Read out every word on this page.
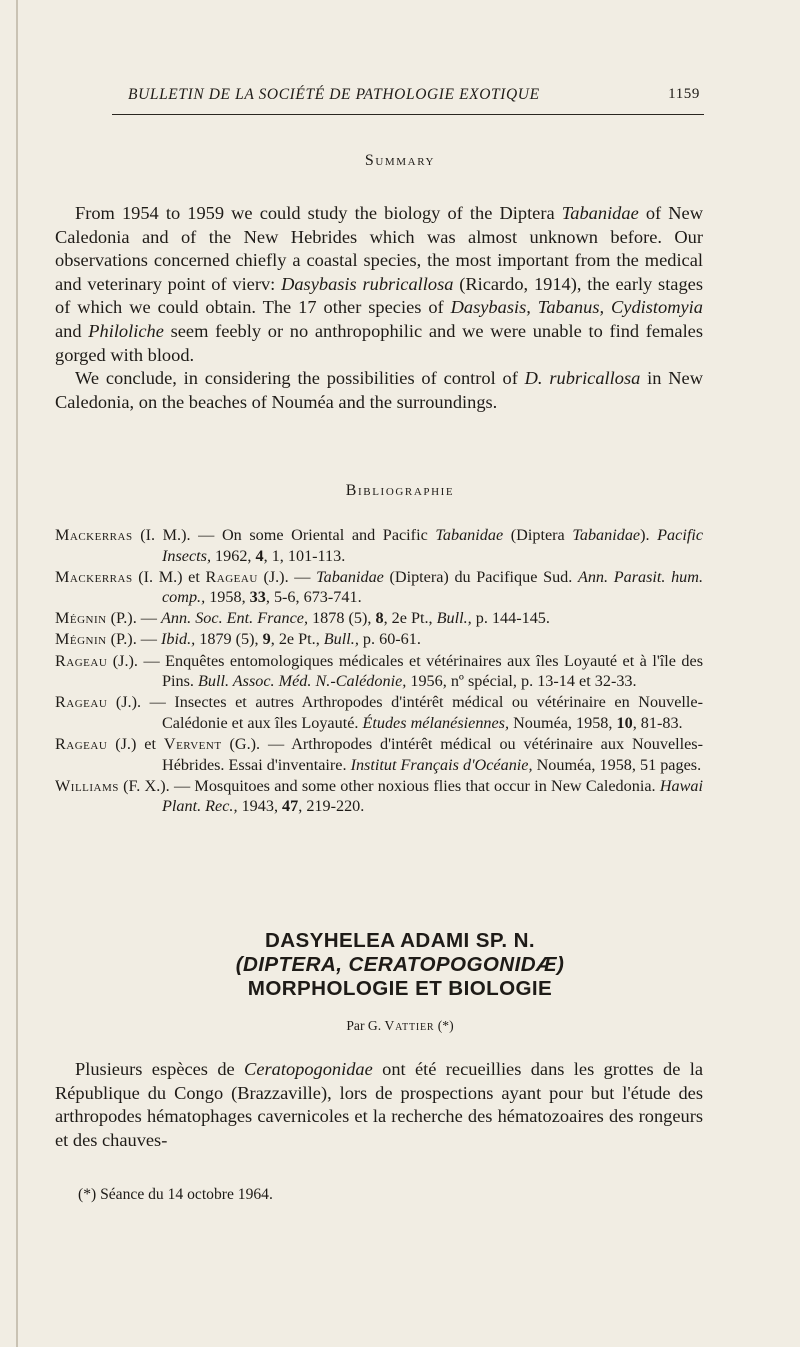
BULLETIN DE LA SOCIÉTÉ DE PATHOLOGIE EXOTIQUE	1159
Summary

From 1954 to 1959 we could study the biology of the Diptera Tabanidae of New Caledonia and of the New Hebrides which was almost unknown before. Our observations concerned chiefly a coastal species, the most important from the medical and veterinary point of vierv: Dasybasis rubricallosa (Ricardo, 1914), the early stages of which we could obtain. The 17 other species of Dasybasis, Tabanus, Cydistomyia and Philoliche seem feebly or no anthropophilic and we were unable to find females gorged with blood.

We conclude, in considering the possibilities of control of D. rubricallosa in New Caledonia, on the beaches of Nouméa and the surroundings.

Bibliographie

Mackerras (I. M.). — On some Oriental and Pacific Tabanidae (Diptera Tabanidae). Pacific Insects, 1962, 4, 1, 101-113.

Mackerras (I. M.) et Rageau (J.). — Tabanidae (Diptera) du Pacifique Sud. Ann. Parasit. hum. comp., 1958, 33, 5-6, 673-741.

Mégnin (P.). — Ann. Soc. Ent. France, 1878 (5), 8, 2e Pt., Bull., p. 144-145.

Mégnin (P.). — Ibid., 1879 (5), 9, 2e Pt., Bull., p. 60-61.

Rageau (J.). — Enquêtes entomologiques médicales et vétérinaires aux îles Loyauté et à l'île des Pins. Bull. Assoc. Méd. N.-Calédonie, 1956, nº spécial, p. 13-14 et 32-33.

Rageau (J.). — Insectes et autres Arthropodes d'intérêt médical ou vétérinaire en Nouvelle-Calédonie et aux îles Loyauté. Études mélanésiennes, Nouméa, 1958, 10, 81-83.

Rageau (J.) et Vervent (G.). — Arthropodes d'intérêt médical ou vétérinaire aux Nouvelles-Hébrides. Essai d'inventaire. Institut Français d'Océanie, Nouméa, 1958, 51 pages.

Williams (F. X.). — Mosquitoes and some other noxious flies that occur in New Caledonia. Hawai Plant. Rec., 1943, 47, 219-220.

DASYHELEA ADAMI SP. N.
(DIPTERA, CERATOPOGONIDÆ)
MORPHOLOGIE ET BIOLOGIE
Par G. Vattier (*)

Plusieurs espèces de Ceratopogonidae ont été recueillies dans les grottes de la République du Congo (Brazzaville), lors de prospections ayant pour but l'étude des arthropodes hématophages cavernicoles et la recherche des hématozoaires des rongeurs et des chauves-

(*) Séance du 14 octobre 1964.
